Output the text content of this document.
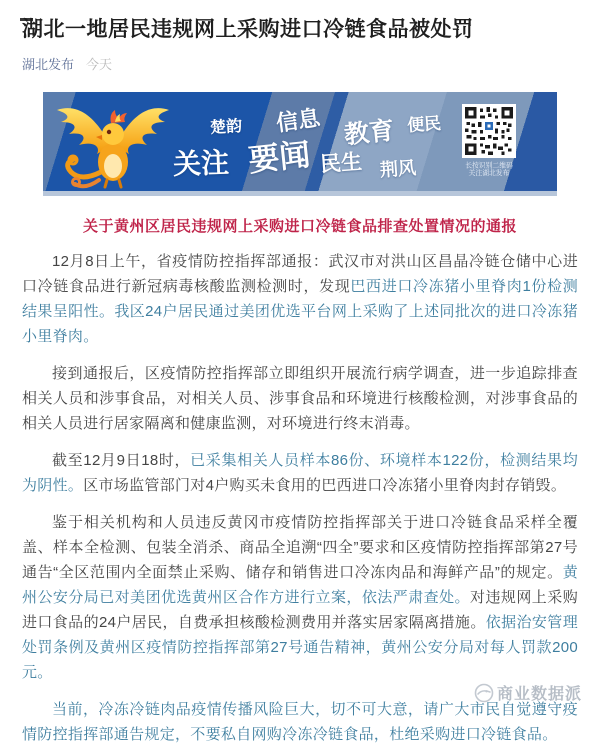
湖北一地居民违规网上采购进口冷链食品被处罚
湖北发布 今天
楚韵
关注 要闻
信息
民生
教育
荆风
便民
长按识别二维码
关注湖北发布
关于黄州区居民违规网上采购进口冷链食品排查处置情况的通报

12月8日上午，省疫情防控指挥部通报：武汉市对洪山区昌晶冷链仓储中心进口冷链食品进行新冠病毒核酸监测检测时，发现巴西进口冷冻猪小里脊肉1份检测结果呈阳性。我区24户居民通过美团优选平台网上采购了上述同批次的进口冷冻猪小里脊肉。

接到通报后，区疫情防控指挥部立即组织开展流行病学调查，进一步追踪排查相关人员和涉事食品，对相关人员、涉事食品和环境进行核酸检测，对涉事食品的相关人员进行居家隔离和健康监测，对环境进行终末消毒。

截至12月9日18时，已采集相关人员样本86份、环境样本122份，检测结果均为阴性。区市场监管部门对4户购买未食用的巴西进口冷冻猪小里脊肉封存销毁。

鉴于相关机构和人员违反黄冈市疫情防控指挥部关于进口冷链食品采样全覆盖、样本全检测、包装全消杀、商品全追溯“四全”要求和区疫情防控指挥部第27号通告“全区范围内全面禁止采购、储存和销售进口冷冻肉品和海鲜产品”的规定。黄州公安分局已对美团优选黄州区合作方进行立案，依法严肃查处。对违规网上采购进口食品的24户居民，自费承担核酸检测费用并落实居家隔离措施。依据治安管理处罚条例及黄州区疫情防控指挥部第27号通告精神，黄州公安分局对每人罚款200元。

当前，冷冻冷链肉品疫情传播风险巨大，切不可大意，请广大市民自觉遵守疫情防控指挥部通告规定，不要私自网购冷冻冷链食品，杜绝采购进口冷链食品。

商业数据派
